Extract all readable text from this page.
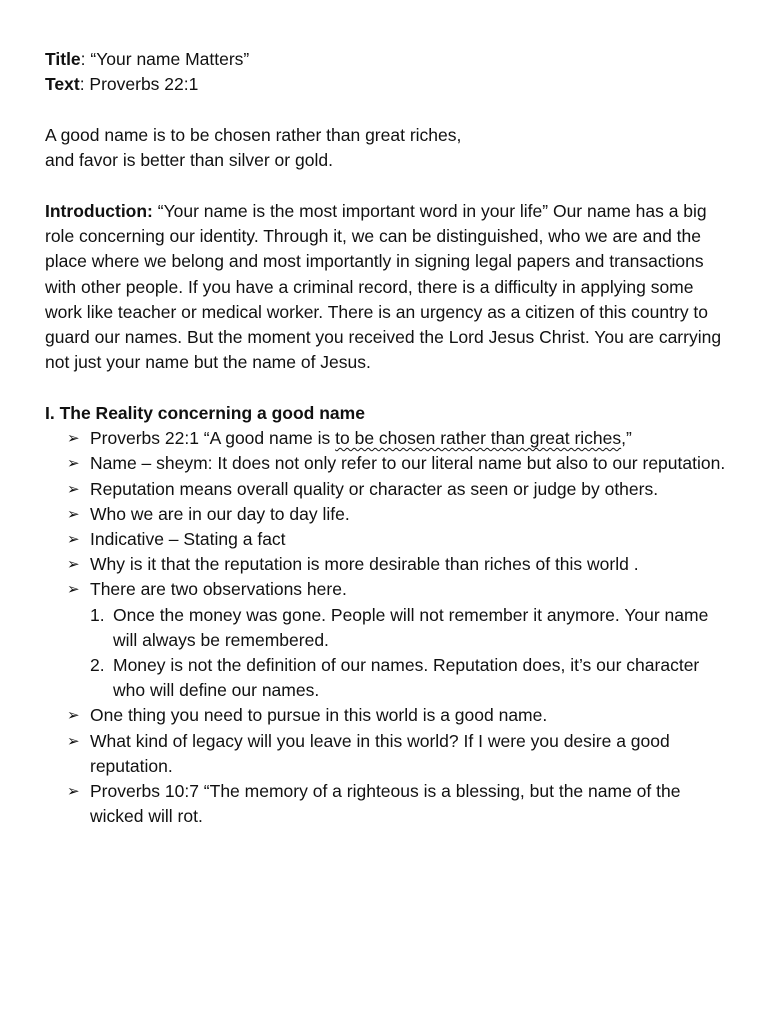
Title: “Your name Matters”
Text: Proverbs 22:1
A good name is to be chosen rather than great riches,
and favor is better than silver or gold.
Introduction: “Your name is the most important word in your life” Our name has a big role concerning our identity. Through it, we can be distinguished, who we are and the place where we belong and most importantly in signing legal papers and transactions with other people. If you have a criminal record, there is a difficulty in applying some work like teacher or medical worker. There is an urgency as a citizen of this country to guard our names. But the moment you received the Lord Jesus Christ. You are carrying not just your name but the name of Jesus.
I. The Reality concerning a good name
➢ Proverbs 22:1 “A good name is to be chosen rather than great riches,”
➢ Name – sheym: It does not only refer to our literal name but also to our reputation.
➢ Reputation means overall quality or character as seen or judge by others.
➢ Who we are in our day to day life.
➢ Indicative – Stating a fact
➢ Why is it that the reputation is more desirable than riches of this world .
➢ There are two observations here.
1. Once the money was gone. People will not remember it anymore. Your name will always be remembered.
2. Money is not the definition of our names. Reputation does, it’s our character who will define our names.
➢ One thing you need to pursue in this world is a good name.
➢ What kind of legacy will you leave in this world? If I were you desire a good reputation.
➢ Proverbs 10:7 “The memory of a righteous is a blessing, but the name of the wicked will rot.
